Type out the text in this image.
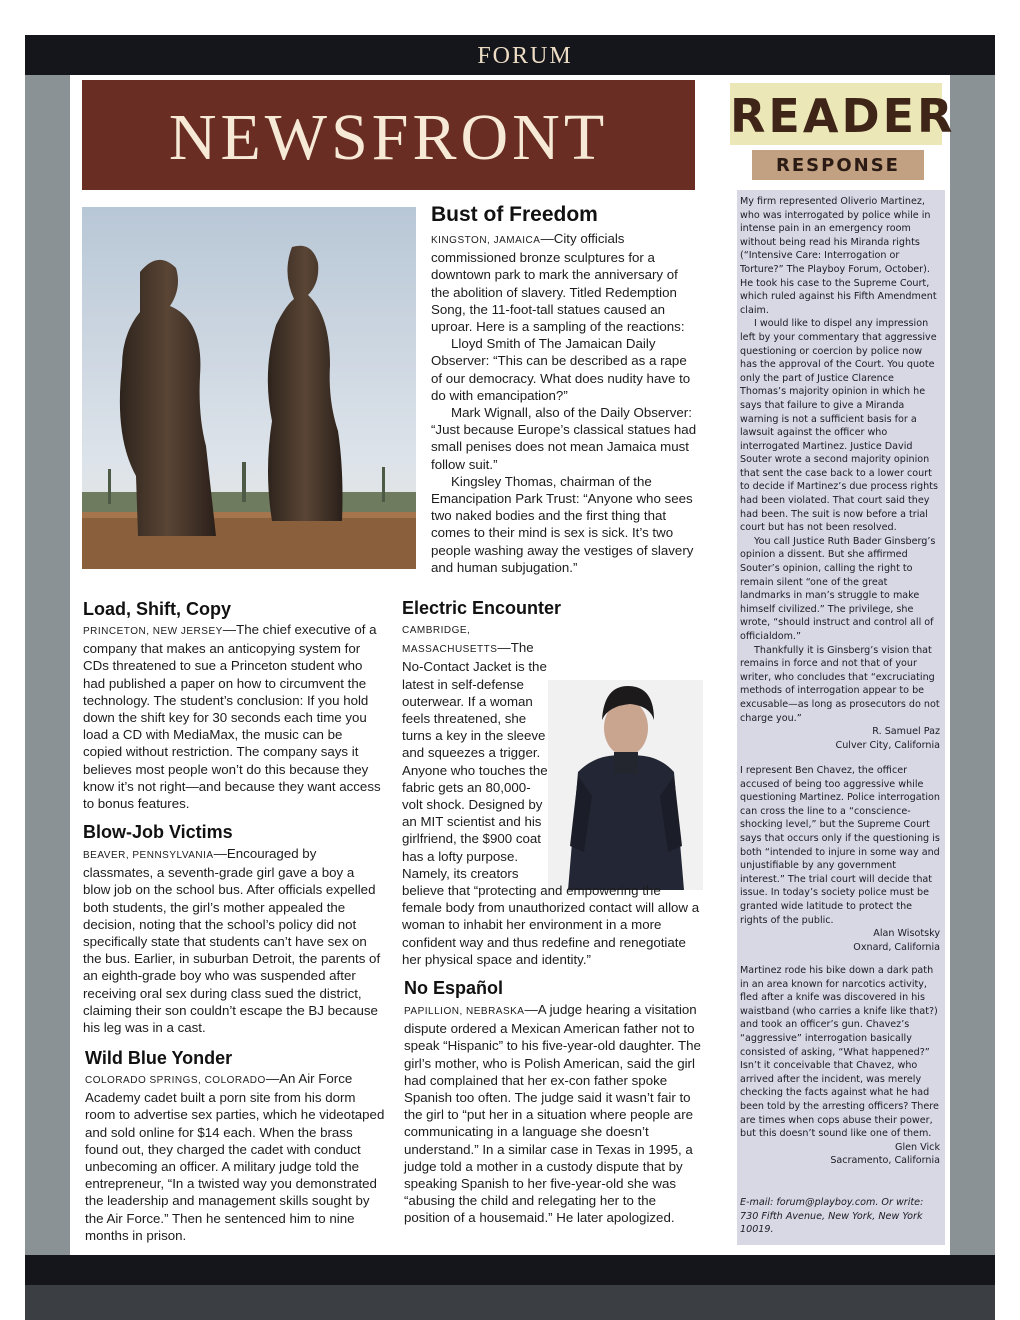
FORUM
NEWSFRONT	READER
RESPONSE
Bust of Freedom

KINGSTON, JAMAICA—City officials commissioned bronze sculptures for a downtown park to mark the anniversary of the abolition of slavery. Titled Redemption Song, the 11-foot-tall statues caused an uproar. Here is a sampling of the reactions:

Lloyd Smith of The Jamaican Daily Observer: “This can be described as a rape of our democracy. What does nudity have to do with emancipation?”

Mark Wignall, also of the Daily Observer: “Just because Europe’s classical statues had small penises does not mean Jamaica must follow suit.”

Kingsley Thomas, chairman of the Emancipation Park Trust: “Anyone who sees two naked bodies and the first thing that comes to their mind is sex is sick. It’s two people washing away the vestiges of slavery and human subjugation.”

Load, Shift, Copy

PRINCETON, NEW JERSEY—The chief executive of a company that makes an anticopying system for CDs threatened to sue a Princeton student who had published a paper on how to circumvent the technology. The student’s conclusion: If you hold down the shift key for 30 seconds each time you load a CD with MediaMax, the music can be copied without restriction. The company says it believes most people won’t do this because they know it’s not right—and because they want access to bonus features.

Blow-Job Victims

BEAVER, PENNSYLVANIA—Encouraged by classmates, a seventh-grade girl gave a boy a blow job on the school bus. After officials expelled both students, the girl’s mother appealed the decision, noting that the school’s policy did not specifically state that students can’t have sex on the bus. Earlier, in suburban Detroit, the parents of an eighth-grade boy who was suspended after receiving oral sex during class sued the district, claiming their son couldn’t escape the BJ because his leg was in a cast.

Wild Blue Yonder

COLORADO SPRINGS, COLORADO—An Air Force Academy cadet built a porn site from his dorm room to advertise sex parties, which he videotaped and sold online for $14 each. When the brass found out, they charged the cadet with conduct unbecoming an officer. A military judge told the entrepreneur, “In a twisted way you demonstrated the leadership and management skills sought by the Air Force.” Then he sentenced him to nine months in prison.

Electric Encounter

CAMBRIDGE, MASSACHUSETTS—The No-Contact Jacket is the latest in self-defense outerwear. If a woman feels threatened, she turns a key in the sleeve and squeezes a trigger. Anyone who touches the fabric gets an 80,000-volt shock. Designed by an MIT scientist and his girlfriend, the $900 coat has a lofty purpose. Namely, its creators believe that “protecting and empowering the female body from unauthorized contact will allow a woman to inhabit her environment in a more confident way and thus redefine and renegotiate her physical space and identity.”

No Español

PAPILLION, NEBRASKA—A judge hearing a visitation dispute ordered a Mexican American father not to speak “Hispanic” to his five-year-old daughter. The girl’s mother, who is Polish American, said the girl had complained that her ex-con father spoke Spanish too often. The judge said it wasn’t fair to the girl to “put her in a situation where people are communicating in a language she doesn’t understand.” In a similar case in Texas in 1995, a judge told a mother in a custody dispute that by speaking Spanish to her five-year-old she was “abusing the child and relegating her to the position of a housemaid.” He later apologized.

My firm represented Oliverio Martinez, who was interrogated by police while in intense pain in an emergency room without being read his Miranda rights (“Intensive Care: Interrogation or Torture?” The Playboy Forum, October). He took his case to the Supreme Court, which ruled against his Fifth Amendment claim.

I would like to dispel any impression left by your commentary that aggressive questioning or coercion by police now has the approval of the Court. You quote only the part of Justice Clarence Thomas’s majority opinion in which he says that failure to give a Miranda warning is not a sufficient basis for a lawsuit against the officer who interrogated Martinez. Justice David Souter wrote a second majority opinion that sent the case back to a lower court to decide if Martinez’s due process rights had been violated. That court said they had been. The suit is now before a trial court but has not been resolved.

You call Justice Ruth Bader Ginsberg’s opinion a dissent. But she affirmed Souter’s opinion, calling the right to remain silent “one of the great landmarks in man’s struggle to make himself civilized.” The privilege, she wrote, “should instruct and control all of officialdom.”

Thankfully it is Ginsberg’s vision that remains in force and not that of your writer, who concludes that “excruciating methods of interrogation appear to be excusable—as long as prosecutors do not charge you.”

R. Samuel Paz

Culver City, California

I represent Ben Chavez, the officer accused of being too aggressive while questioning Martinez. Police interrogation can cross the line to a “conscience-shocking level,” but the Supreme Court says that occurs only if the questioning is both “intended to injure in some way and unjustifiable by any government interest.” The trial court will decide that issue. In today’s society police must be granted wide latitude to protect the rights of the public.

Alan Wisotsky

Oxnard, California

Martinez rode his bike down a dark path in an area known for narcotics activity, fled after a knife was discovered in his waistband (who carries a knife like that?) and took an officer’s gun. Chavez’s “aggressive” interrogation basically consisted of asking, “What happened?” Isn’t it conceivable that Chavez, who arrived after the incident, was merely checking the facts against what he had been told by the arresting officers? There are times when cops abuse their power, but this doesn’t sound like one of them.

Glen Vick

Sacramento, California

E-mail: forum@playboy.com. Or write: 730 Fifth Avenue, New York, New York 10019.
